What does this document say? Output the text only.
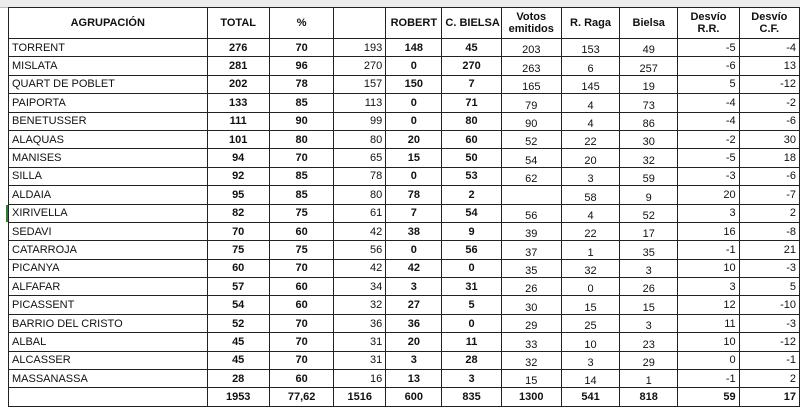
AGRUPACIÓN	TOTAL	%		ROBERT	C. BIELSA	Votos emitidos	R. Raga	Bielsa	Desvío R.R.	Desvío C.F.
TORRENT	276	70	193	148	45	203	153	49	-5	-4
MISLATA	281	96	270	0	270	263	6	257	-6	13
QUART DE POBLET	202	78	157	150	7	165	145	19	5	-12
PAIPORTA	133	85	113	0	71	79	4	73	-4	-2
BENETUSSER	111	90	99	0	80	90	4	86	-4	-6
ALAQUAS	101	80	80	20	60	52	22	30	-2	30
MANISES	94	70	65	15	50	54	20	32	-5	18
SILLA	92	85	78	0	53	62	3	59	-3	-6
ALDAIA	95	85	80	78	2		58	9	20	-7
XIRIVELLA	82	75	61	7	54	56	4	52	3	2
SEDAVI	70	60	42	38	9	39	22	17	16	-8
CATARROJA	75	75	56	0	56	37	1	35	-1	21
PICANYA	60	70	42	42	0	35	32	3	10	-3
ALFAFAR	57	60	34	3	31	26	0	26	3	5
PICASSENT	54	60	32	27	5	30	15	15	12	-10
BARRIO DEL CRISTO	52	70	36	36	0	29	25	3	11	-3
ALBAL	45	70	31	20	11	33	10	23	10	-12
ALCASSER	45	70	31	3	28	32	3	29	0	-1
MASSANASSA	28	60	16	13	3	15	14	1	-1	2
	1953	77,62	1516	600	835	1300	541	818	59	17
